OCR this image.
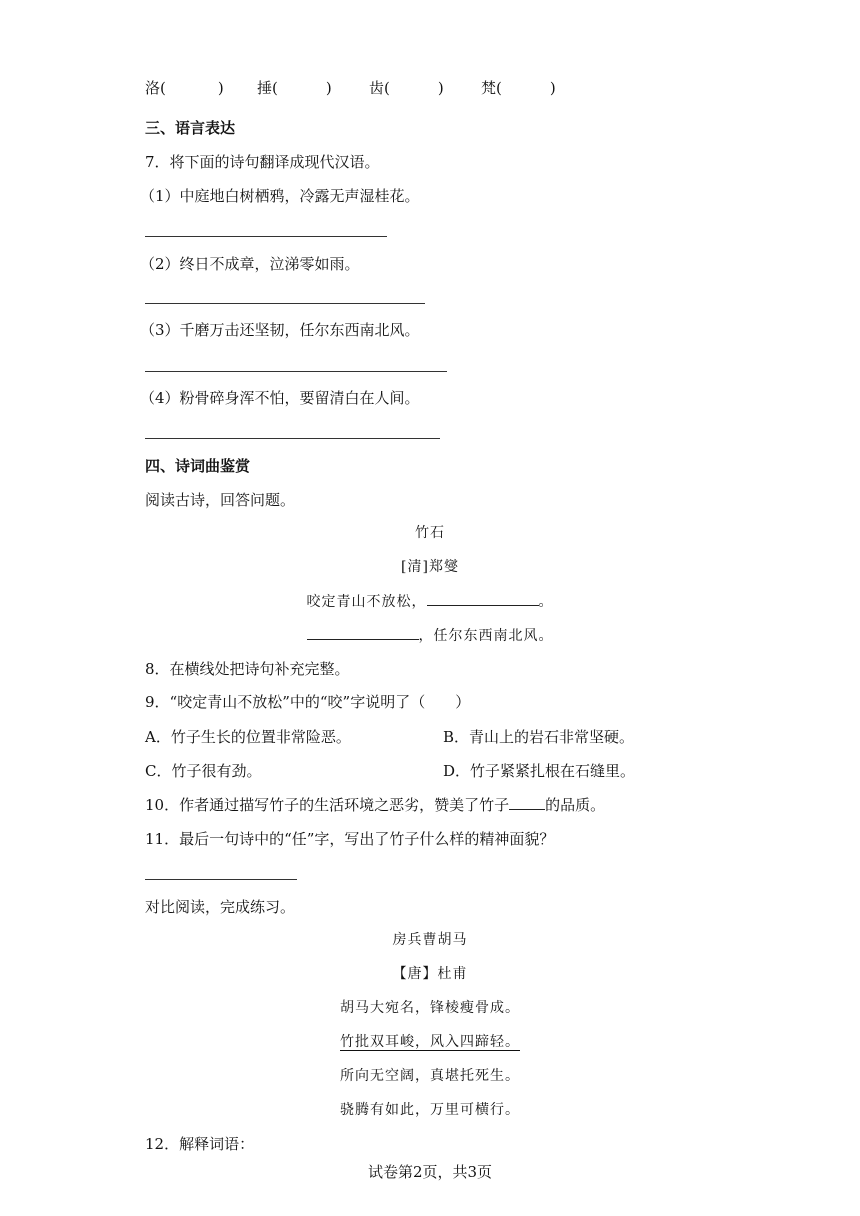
洛(	) 捶(	) 齿(	) 梵(	)
三、语言表达
7．将下面的诗句翻译成现代汉语。
（1）中庭地白树栖鸦，冷露无声湿桂花。
（2）终日不成章，泣涕零如雨。
（3）千磨万击还坚韧，任尔东西南北风。
（4）粉骨碎身浑不怕，要留清白在人间。
四、诗词曲鉴赏
阅读古诗，回答问题。
竹石
[清]郑燮
咬定青山不放松，	。
，任尔东西南北风。
8．在横线处把诗句补充完整。
9．“咬定青山不放松”中的“咬”字说明了（　　）
A．竹子生长的位置非常险恶。	B．青山上的岩石非常坚硬。
C．竹子很有劲。	D．竹子紧紧扎根在石缝里。
10．作者通过描写竹子的生活环境之恶劣，赞美了竹子 的品质。
11．最后一句诗中的“任”字，写出了竹子什么样的精神面貌？
对比阅读，完成练习。
房兵曹胡马
【唐】杜甫
胡马大宛名，锋棱瘦骨成。
竹批双耳峻，风入四蹄轻。
所向无空阔，真堪托死生。
骁腾有如此，万里可横行。
12．解释词语：
试卷第2页，共3页
